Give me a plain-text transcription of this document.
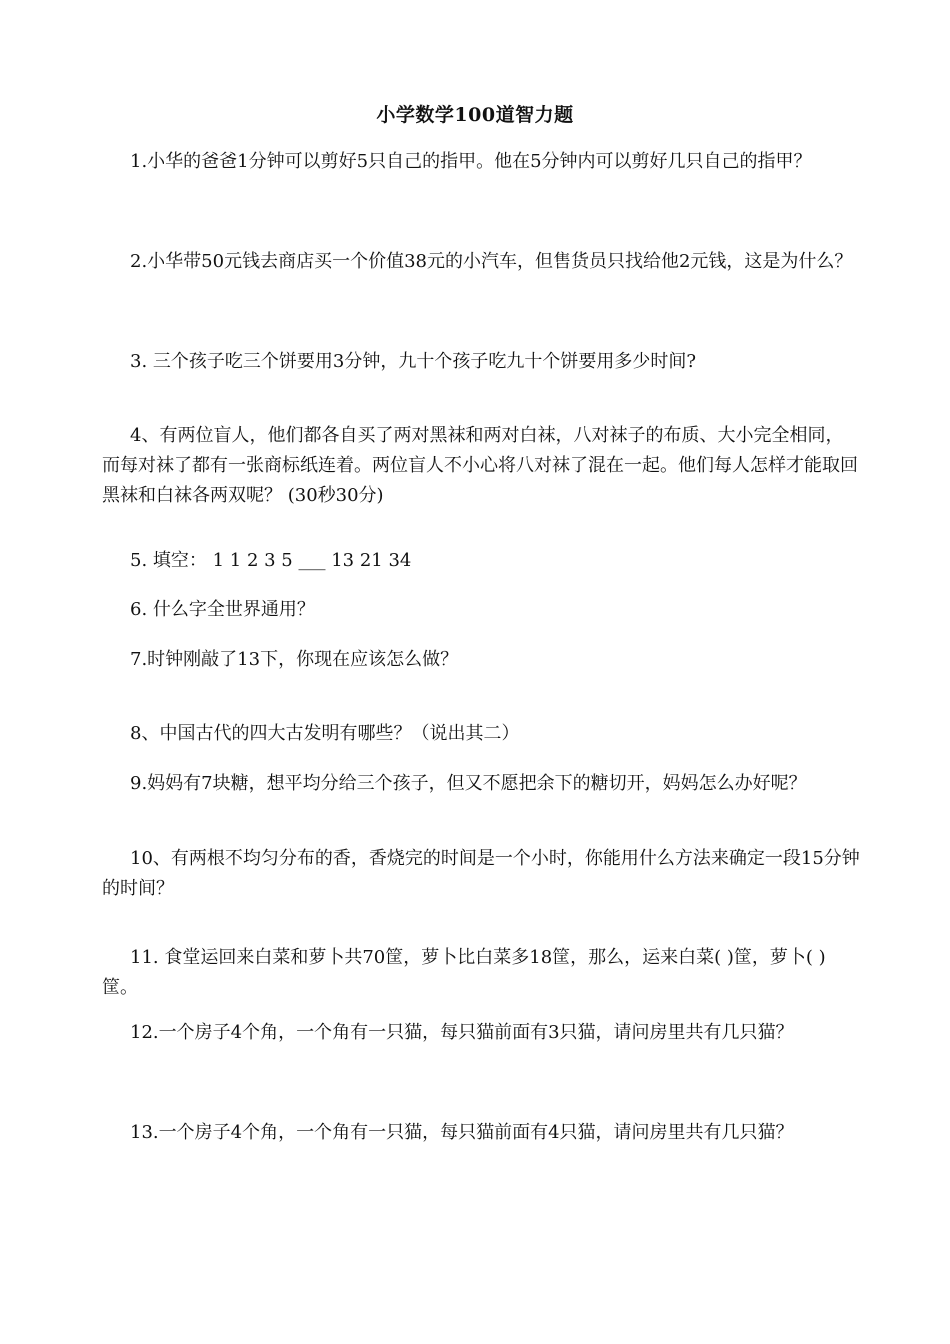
小学数学100道智力题

1.小华的爸爸1分钟可以剪好5只自己的指甲。他在5分钟内可以剪好几只自己的指甲？

2.小华带50元钱去商店买一个价值38元的小汽车，但售货员只找给他2元钱，这是为什么？

3. 三个孩子吃三个饼要用3分钟，九十个孩子吃九十个饼要用多少时间?

4、有两位盲人，他们都各自买了两对黑袜和两对白袜，八对袜子的布质、大小完全相同，而每对袜了都有一张商标纸连着。两位盲人不小心将八对袜了混在一起。他们每人怎样才能取回黑袜和白袜各两双呢？ (30秒30分)

5. 填空： 1 1 2 3 5 ___ 13 21 34

6. 什么字全世界通用？

7.时钟刚敲了13下，你现在应该怎么做？

8、中国古代的四大古发明有哪些？（说出其二）

9.妈妈有7块糖，想平均分给三个孩子，但又不愿把余下的糖切开，妈妈怎么办好呢？

10、有两根不均匀分布的香，香烧完的时间是一个小时，你能用什么方法来确定一段15分钟的时间？

11. 食堂运回来白菜和萝卜共70筐，萝卜比白菜多18筐，那么，运来白菜( )筐，萝卜( )筐。

12.一个房子4个角，一个角有一只猫，每只猫前面有3只猫，请问房里共有几只猫？

13.一个房子4个角，一个角有一只猫，每只猫前面有4只猫，请问房里共有几只猫？
